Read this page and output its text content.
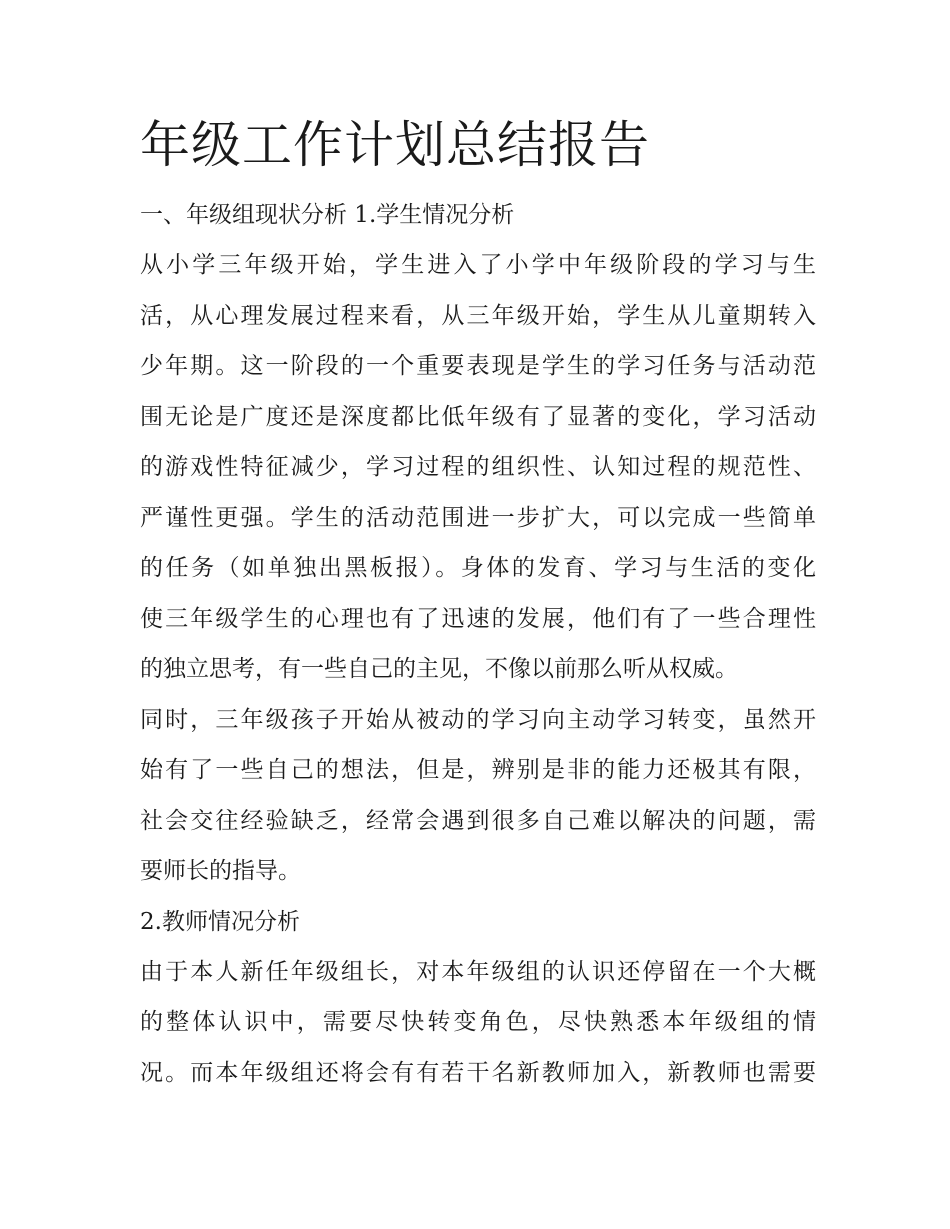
年级工作计划总结报告
一、年级组现状分析 1.学生情况分析

从小学三年级开始，学生进入了小学中年级阶段的学习与生
活，从心理发展过程来看，从三年级开始，学生从儿童期转入
少年期。这一阶段的一个重要表现是学生的学习任务与活动范
围无论是广度还是深度都比低年级有了显著的变化，学习活动
的游戏性特征减少，学习过程的组织性、认知过程的规范性、
严谨性更强。学生的活动范围进一步扩大，可以完成一些简单
的任务（如单独出黑板报）。身体的发育、学习与生活的变化
使三年级学生的心理也有了迅速的发展，他们有了一些合理性
的独立思考，有一些自己的主见，不像以前那么听从权威。

同时，三年级孩子开始从被动的学习向主动学习转变，虽然开
始有了一些自己的想法，但是，辨别是非的能力还极其有限，
社会交往经验缺乏，经常会遇到很多自己难以解决的问题，需
要师长的指导。

2.教师情况分析

由于本人新任年级组长，对本年级组的认识还停留在一个大概
的整体认识中，需要尽快转变角色，尽快熟悉本年级组的情
况。而本年级组还将会有有若干名新教师加入，新教师也需要
